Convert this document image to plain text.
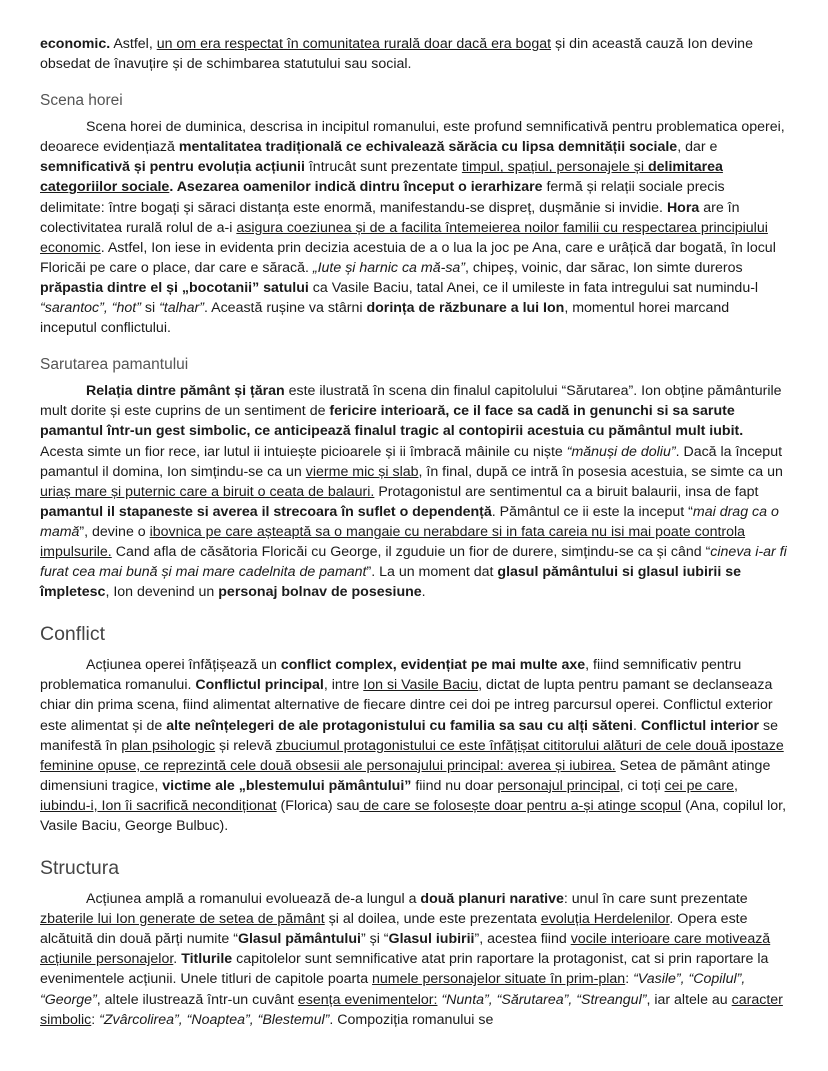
economic. Astfel, un om era respectat în comunitatea rurală doar dacă era bogat și din această cauză Ion devine obsedat de înavuțire și de schimbarea statutului sau social.

Scena horei

Scena horei de duminica, descrisa in incipitul romanului, este profund semnificativă pentru problematica operei, deoarece evidențiază mentalitatea tradițională ce echivalează sărăcia cu lipsa demnității sociale, dar e semnificativă și pentru evoluția acțiunii întrucât sunt prezentate timpul, spațiul, personajele și delimitarea categoriilor sociale. Asezarea oamenilor indică dintru început o ierarhizare fermă și relații sociale precis delimitate: între bogați și săraci distanța este enormă, manifestandu-se dispreț, dușmănie si invidie. Hora are în colectivitatea rurală rolul de a-i asigura coeziunea și de a facilita întemeierea noilor familii cu respectarea principiului economic. Astfel, Ion iese in evidenta prin decizia acestuia de a o lua la joc pe Ana, care e urâțică dar bogată, în locul Floricăi pe care o place, dar care e săracă. „Iute și harnic ca mă-sa”, chipeș, voinic, dar sărac, Ion simte dureros prăpastia dintre el și „bocotanii” satului ca Vasile Baciu, tatal Anei, ce il umileste in fata intregului sat numindu-l “sarantoc”, “hot” si “talhar”. Această rușine va stârni dorința de răzbunare a lui Ion, momentul horei marcand inceputul conflictului.

Sarutarea pamantului

Relația dintre pământ și țăran este ilustrată în scena din finalul capitolului “Sărutarea”. Ion obține pământurile mult dorite și este cuprins de un sentiment de fericire interioară, ce il face sa cadă in genunchi si sa sarute pamantul într-un gest simbolic, ce anticipează finalul tragic al contopirii acestuia cu pământul mult iubit. Acesta simte un fior rece, iar lutul ii intuiește picioarele și ii îmbracă mâinile cu niște “mănuși de doliu”. Dacă la început pamantul il domina, Ion simțindu-se ca un vierme mic și slab, în final, după ce intră în posesia acestuia, se simte ca un uriaș mare și puternic care a biruit o ceata de balauri. Protagonistul are sentimentul ca a biruit balaurii, insa de fapt pamantul il stapaneste si averea il strecoara în suflet o dependență. Pământul ce ii este la inceput “mai drag ca o mamă”, devine o ibovnica pe care așteaptă sa o mangaie cu nerabdare si in fata careia nu isi mai poate controla impulsurile. Cand afla de căsătoria Floricăi cu George, il zguduie un fior de durere, simțindu-se ca și când “cineva i-ar fi furat cea mai bună și mai mare cadelnita de pamant”. La un moment dat glasul pământului si glasul iubirii se împletesc, Ion devenind un personaj bolnav de posesiune.

Conflict

Acțiunea operei înfățișează un conflict complex, evidențiat pe mai multe axe, fiind semnificativ pentru problematica romanului. Conflictul principal, intre Ion si Vasile Baciu, dictat de lupta pentru pamant se declanseaza chiar din prima scena, fiind alimentat alternative de fiecare dintre cei doi pe intreg parcursul operei. Conflictul exterior este alimentat și de alte neînțelegeri de ale protagonistului cu familia sa sau cu alți săteni. Conflictul interior se manifestă în plan psihologic și relevă zbuciumul protagonistului ce este înfățișat cititorului alături de cele două ipostaze feminine opuse, ce reprezintă cele două obsesii ale personajului principal: averea și iubirea. Setea de pământ atinge dimensiuni tragice, victime ale „blestemului pământului” fiind nu doar personajul principal, ci toți cei pe care, iubindu-i, Ion îi sacrifică necondiționat (Florica) sau de care se folosește doar pentru a-și atinge scopul (Ana, copilul lor, Vasile Baciu, George Bulbuc).

Structura

Acțiunea amplă a romanului evoluează de-a lungul a două planuri narative: unul în care sunt prezentate zbaterile lui Ion generate de setea de pământ și al doilea, unde este prezentata evoluția Herdelenilor. Opera este alcătuită din două părți numite “Glasul pământului” și “Glasul iubirii”, acestea fiind vocile interioare care motivează acțiunile personajelor. Titlurile capitolelor sunt semnificative atat prin raportare la protagonist, cat si prin raportare la evenimentele acțiunii. Unele titluri de capitole poarta numele personajelor situate în prim-plan: “Vasile”, “Copilul”, “George”, altele ilustrează într-un cuvânt esența evenimentelor: “Nunta”, “Sărutarea”, “Streangul”, iar altele au caracter simbolic: “Zvârcolirea”, “Noaptea”, “Blestemul”. Compoziția romanului se
